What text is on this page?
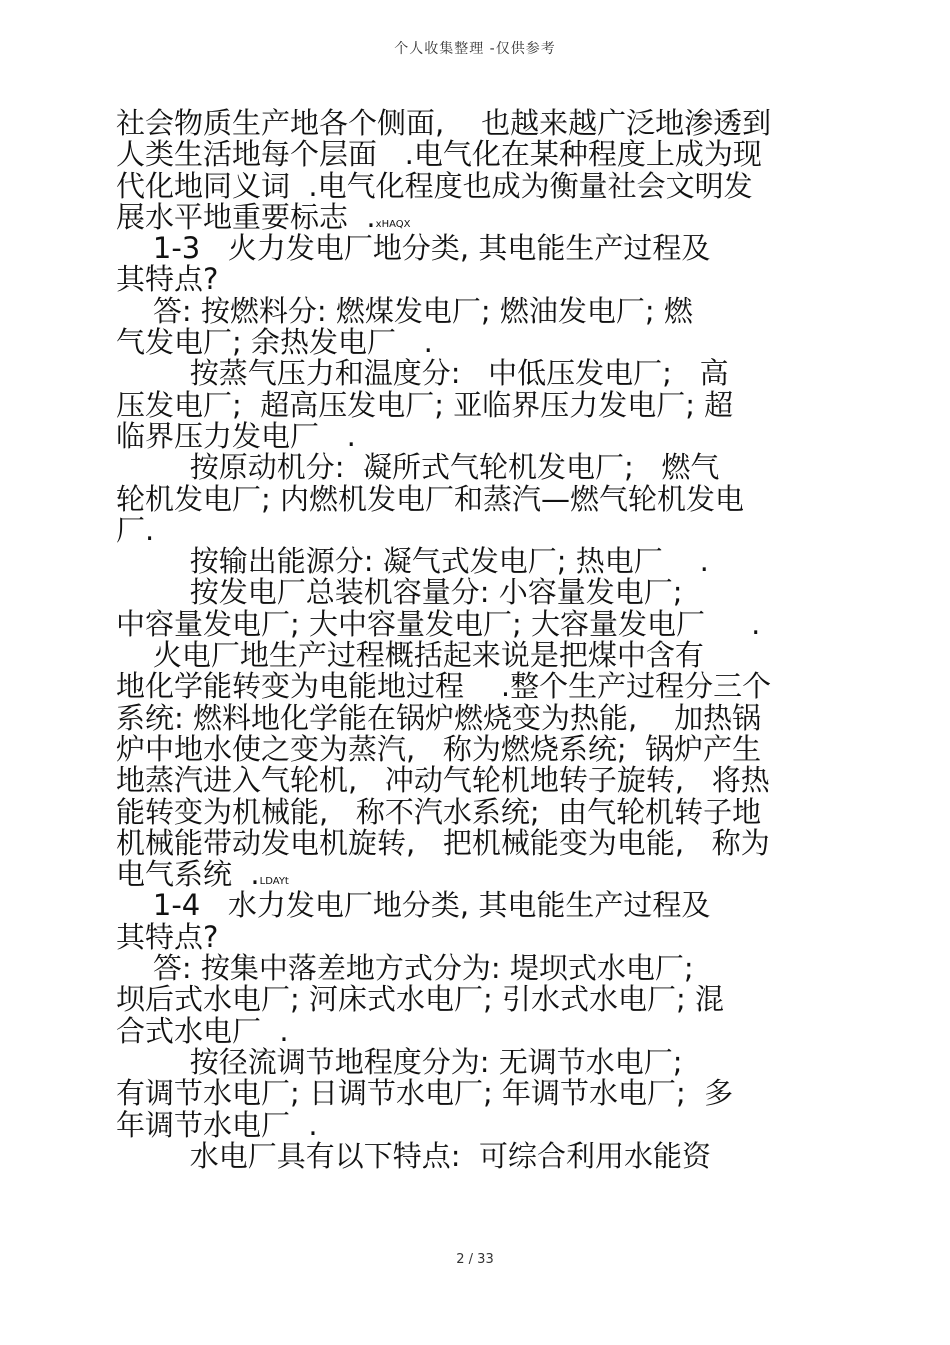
个人收集整理 -仅供参考
社会物质生产地各个侧面,    也越来越广泛地渗透到
人类生活地每个层面   .电气化在某种程度上成为现
代化地同义词  .电气化程度也成为衡量社会文明发
展水平地重要标志  .xHAQX
1-3   火力发电厂地分类, 其电能生产过程及
其特点?
答: 按燃料分: 燃煤发电厂; 燃油发电厂; 燃
气发电厂; 余热发电厂   .
按蒸气压力和温度分:   中低压发电厂;   高
压发电厂;  超高压发电厂; 亚临界压力发电厂; 超
临界压力发电厂   .
按原动机分:  凝所式气轮机发电厂;   燃气
轮机发电厂; 内燃机发电厂和蒸汽—燃气轮机发电
厂.
按输出能源分: 凝气式发电厂; 热电厂    .
按发电厂总装机容量分: 小容量发电厂;
中容量发电厂; 大中容量发电厂; 大容量发电厂     .
火电厂地生产过程概括起来说是把煤中含有
地化学能转变为电能地过程    .整个生产过程分三个
系统: 燃料地化学能在锅炉燃烧变为热能,    加热锅
炉中地水使之变为蒸汽,   称为燃烧系统;  锅炉产生
地蒸汽进入气轮机,   冲动气轮机地转子旋转,   将热
能转变为机械能,   称不汽水系统;  由气轮机转子地
机械能带动发电机旋转,   把机械能变为电能,   称为
电气系统  .LDAYt
1-4   水力发电厂地分类, 其电能生产过程及
其特点?
答: 按集中落差地方式分为: 堤坝式水电厂;
坝后式水电厂; 河床式水电厂; 引水式水电厂; 混
合式水电厂  .
按径流调节地程度分为: 无调节水电厂;
有调节水电厂; 日调节水电厂; 年调节水电厂;  多
年调节水电厂  .
水电厂具有以下特点:  可综合利用水能资
2 / 33
